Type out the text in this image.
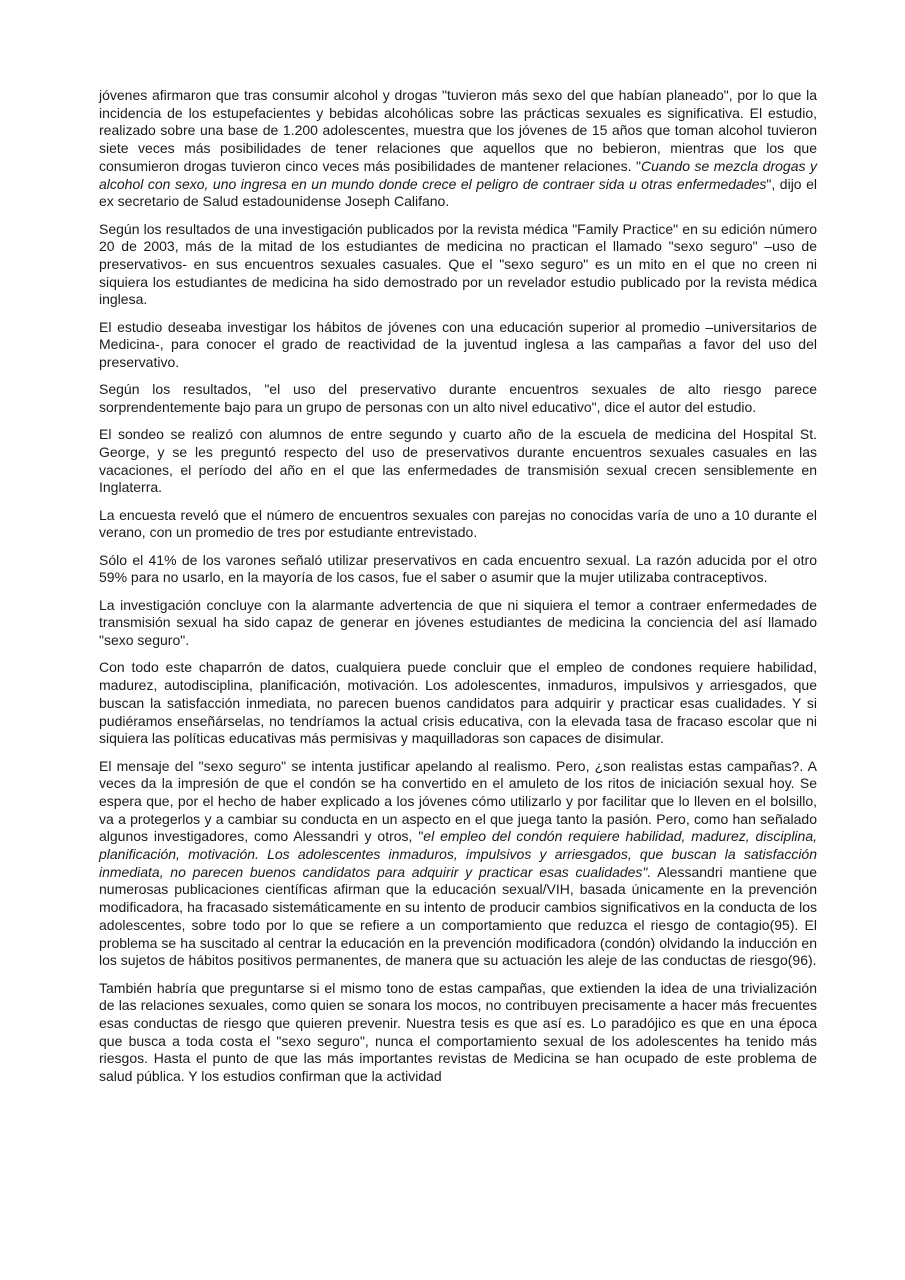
jóvenes afirmaron que tras consumir alcohol y drogas "tuvieron más sexo del que habían planeado", por lo que la incidencia de los estupefacientes y bebidas alcohólicas sobre las prácticas sexuales es significativa. El estudio, realizado sobre una base de 1.200 adolescentes, muestra que los jóvenes de 15 años que toman alcohol tuvieron siete veces más posibilidades de tener relaciones que aquellos que no bebieron, mientras que los que consumieron drogas tuvieron cinco veces más posibilidades de mantener relaciones. "Cuando se mezcla drogas y alcohol con sexo, uno ingresa en un mundo donde crece el peligro de contraer sida u otras enfermedades", dijo el ex secretario de Salud estadounidense Joseph Califano.

Según los resultados de una investigación publicados por la revista médica "Family Practice" en su edición número 20 de 2003, más de la mitad de los estudiantes de medicina no practican el llamado "sexo seguro" –uso de preservativos- en sus encuentros sexuales casuales. Que el "sexo seguro" es un mito en el que no creen ni siquiera los estudiantes de medicina ha sido demostrado por un revelador estudio publicado por la revista médica inglesa.

El estudio deseaba investigar los hábitos de jóvenes con una educación superior al promedio –universitarios de Medicina-, para conocer el grado de reactividad de la juventud inglesa a las campañas a favor del uso del preservativo.

Según los resultados, "el uso del preservativo durante encuentros sexuales de alto riesgo parece sorprendentemente bajo para un grupo de personas con un alto nivel educativo", dice el autor del estudio.

El sondeo se realizó con alumnos de entre segundo y cuarto año de la escuela de medicina del Hospital St. George, y se les preguntó respecto del uso de preservativos durante encuentros sexuales casuales en las vacaciones, el período del año en el que las enfermedades de transmisión sexual crecen sensiblemente en Inglaterra.

La encuesta reveló que el número de encuentros sexuales con parejas no conocidas varía de uno a 10 durante el verano, con un promedio de tres por estudiante entrevistado.

Sólo el 41% de los varones señaló utilizar preservativos en cada encuentro sexual. La razón aducida por el otro 59% para no usarlo, en la mayoría de los casos, fue el saber o asumir que la mujer utilizaba contraceptivos.

La investigación concluye con la alarmante advertencia de que ni siquiera el temor a contraer enfermedades de transmisión sexual ha sido capaz de generar en jóvenes estudiantes de medicina la conciencia del así llamado "sexo seguro".

Con todo este chaparrón de datos, cualquiera puede concluir que el empleo de condones requiere habilidad, madurez, autodisciplina, planificación, motivación. Los adolescentes, inmaduros, impulsivos y arriesgados, que buscan la satisfacción inmediata, no parecen buenos candidatos para adquirir y practicar esas cualidades. Y si pudiéramos enseñárselas, no tendríamos la actual crisis educativa, con la elevada tasa de fracaso escolar que ni siquiera las políticas educativas más permisivas y maquilladoras son capaces de disimular.

El mensaje del "sexo seguro" se intenta justificar apelando al realismo. Pero, ¿son realistas estas campañas?. A veces da la impresión de que el condón se ha convertido en el amuleto de los ritos de iniciación sexual hoy. Se espera que, por el hecho de haber explicado a los jóvenes cómo utilizarlo y por facilitar que lo lleven en el bolsillo, va a protegerlos y a cambiar su conducta en un aspecto en el que juega tanto la pasión. Pero, como han señalado algunos investigadores, como Alessandri y otros, "el empleo del condón requiere habilidad, madurez, disciplina, planificación, motivación. Los adolescentes inmaduros, impulsivos y arriesgados, que buscan la satisfacción inmediata, no parecen buenos candidatos para adquirir y practicar esas cualidades". Alessandri mantiene que numerosas publicaciones científicas afirman que la educación sexual/VIH, basada únicamente en la prevención modificadora, ha fracasado sistemáticamente en su intento de producir cambios significativos en la conducta de los adolescentes, sobre todo por lo que se refiere a un comportamiento que reduzca el riesgo de contagio(95). El problema se ha suscitado al centrar la educación en la prevención modificadora (condón) olvidando la inducción en los sujetos de hábitos positivos permanentes, de manera que su actuación les aleje de las conductas de riesgo(96).

También habría que preguntarse si el mismo tono de estas campañas, que extienden la idea de una trivialización de las relaciones sexuales, como quien se sonara los mocos, no contribuyen precisamente a hacer más frecuentes esas conductas de riesgo que quieren prevenir. Nuestra tesis es que así es. Lo paradójico es que en una época que busca a toda costa el "sexo seguro", nunca el comportamiento sexual de los adolescentes ha tenido más riesgos. Hasta el punto de que las más importantes revistas de Medicina se han ocupado de este problema de salud pública. Y los estudios confirman que la actividad
